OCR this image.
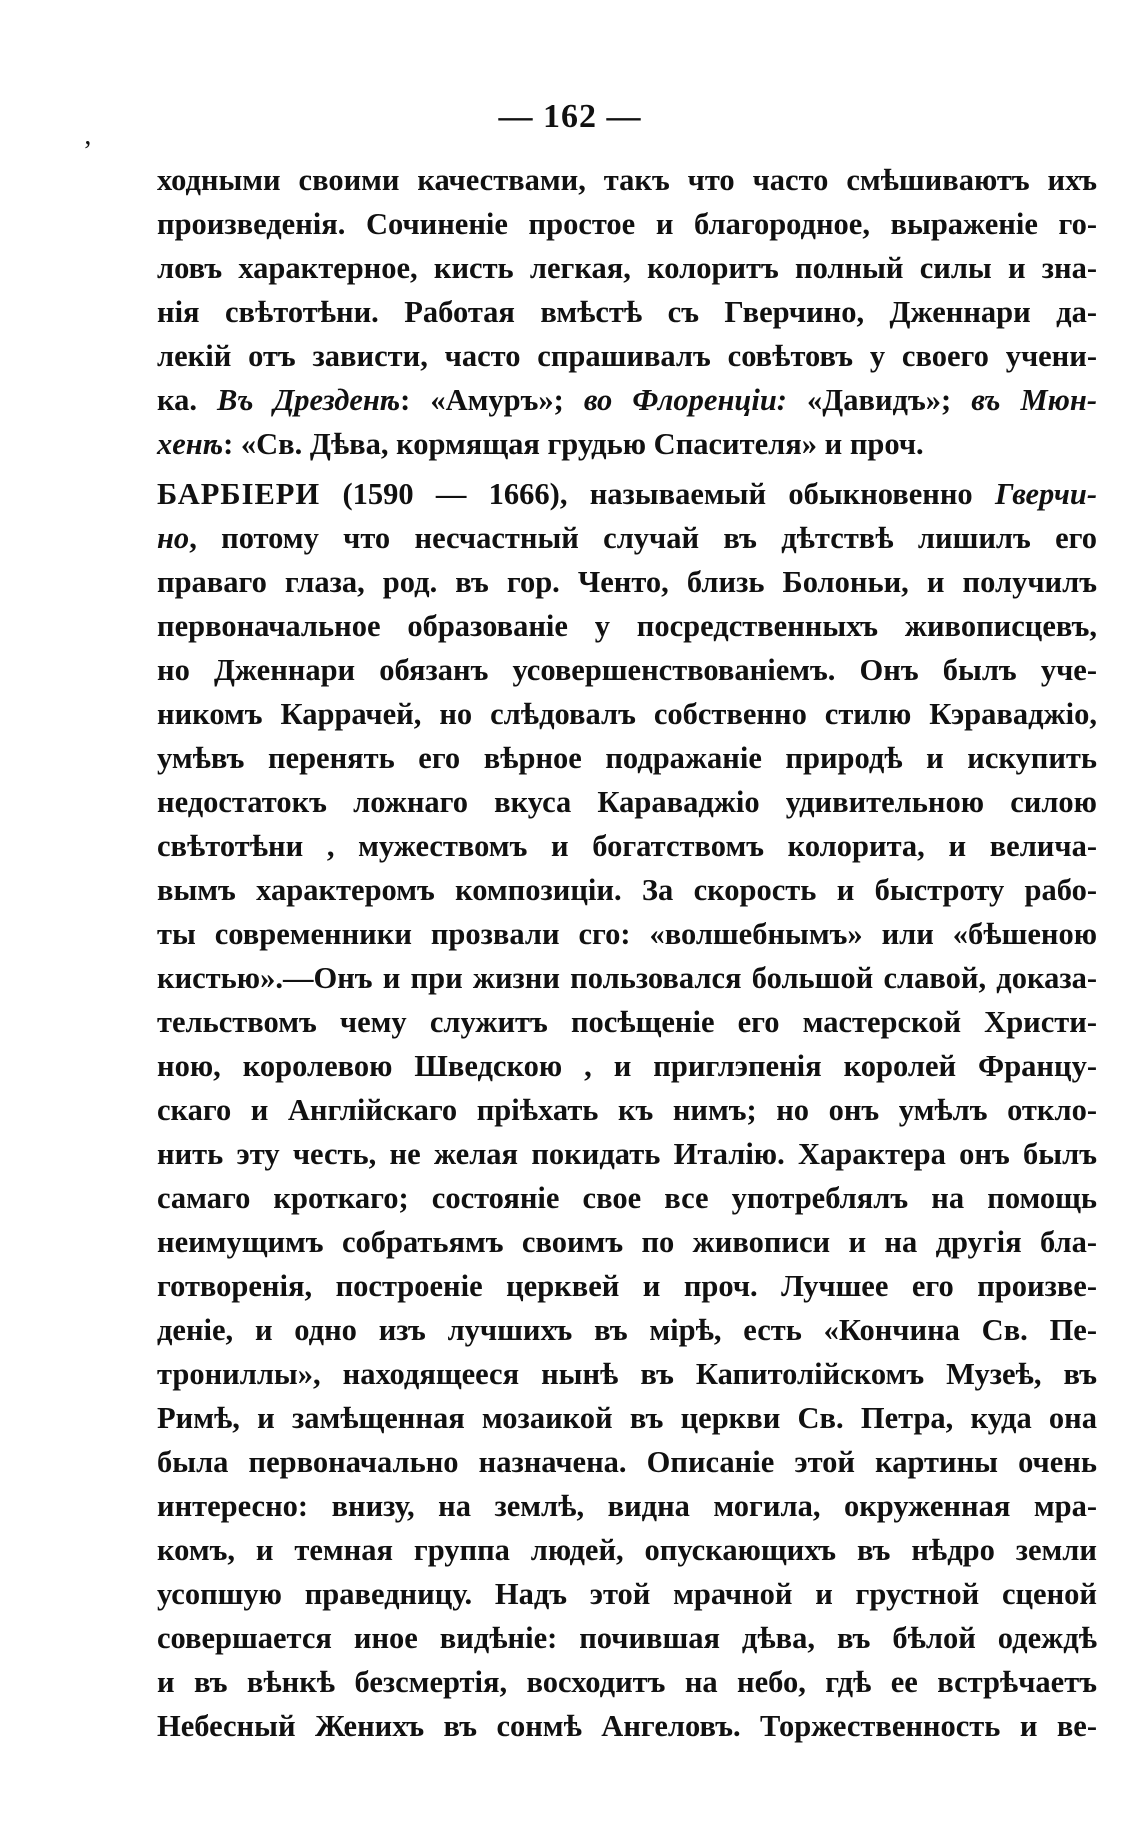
— 162 —
‚
ходными своими качествами, такъ что часто смѣшиваютъ ихъ
произведенія. Сочиненіе простое и благородное, выраженіе го-
ловъ характерное, кисть легкая, колоритъ полный силы и зна-
нія свѣтотѣни. Работая вмѣстѣ съ Гверчино, Дженнари да-
лекій отъ зависти, часто спрашивалъ совѣтовъ у своего учени-
ка. Въ Дрезденѣ: «Амуръ»; во Флоренціи: «Давидъ»; въ Мюн-
хенѣ: «Св. Дѣва, кормящая грудью Спасителя» и проч.
БАРБІЕРИ (1590 — 1666), называемый обыкновенно Гверчи-
но, потому что несчастный случай въ дѣтствѣ лишилъ его
праваго глаза, род. въ гор. Ченто, близь Болоньи, и получилъ
первоначальное образованіе у посредственныхъ живописцевъ,
но Дженнари обязанъ усовершенствованіемъ. Онъ былъ уче-
никомъ Каррачей, но слѣдовалъ собственно стилю Кэраваджіо,
умѣвъ перенять его вѣрное подражаніе природѣ и искупить
недостатокъ ложнаго вкуса Караваджіо удивительною силою
свѣтотѣни , мужествомъ и богатствомъ колорита, и величa-
вымъ характеромъ композиціи. За скорость и быстроту рабо-
ты современники прозвали сго: «волшебнымъ» или «бѣшеною
кистью».—Онъ и при жизни пользовался большой славой, доказа-
тельствомъ чему служитъ посѣщеніе его мастерской Христи-
ною, королевою Шведскою , и приглэпенія королей Францу-
скаго и Англійскаго пріѣхать къ нимъ; но онъ умѣлъ откло-
нить эту честь, не желая покидать Италію. Характера онъ былъ
самаго кроткаго; состояніе свое все употреблялъ на помощь
неимущимъ собратьямъ своимъ по живописи и на другія бла-
готворенія, построеніе церквей и проч. Лучшее его произве-
деніе, и одно изъ лучшихъ въ мірѣ, есть «Кончина Св. Пе-
трониллы», находящееся нынѣ въ Капитолійскомъ Музеѣ, въ
Римѣ, и замѣщенная мозаикой въ церкви Св. Петра, куда она
была первоначально назначена. Описаніе этой картины очень
интересно: внизу, на землѣ, видна могила, окруженная мра-
комъ, и темная группа людей, опускающихъ въ нѣдро земли
усопшую праведницу. Надъ этой мрачной и грустной сценой
совершается иное видѣніе: почившая дѣва, въ бѣлой одеждѣ
и въ вѣнкѣ безсмертія, восходитъ на небо, гдѣ ее встрѣчаетъ
Небесный Женихъ въ сонмѣ Ангеловъ. Торжественность и ве-
